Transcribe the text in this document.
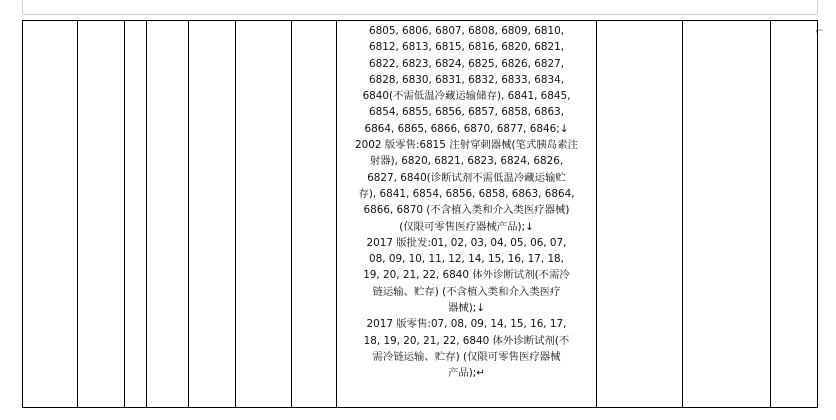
⌐

6805, 6806, 6807, 6808, 6809, 6810,
6812, 6813, 6815, 6816, 6820, 6821,
6822, 6823, 6824, 6825, 6826, 6827,
6828, 6830, 6831, 6832, 6833, 6834,
6840(不需低温冷藏运输储存), 6841, 6845,
6854, 6855, 6856, 6857, 6858, 6863,
6864, 6865, 6866, 6870, 6877, 6846;↓
2002 版零售:6815 注射穿刺器械(笔式胰岛素注
射器), 6820, 6821, 6823, 6824, 6826,
6827, 6840(诊断试剂不需低温冷藏运输贮
存), 6841, 6854, 6856, 6858, 6863, 6864,
6866, 6870 (不含植入类和介入类医疗器械)
(仅限可零售医疗器械产品);↓
2017 版批发:01, 02, 03, 04, 05, 06, 07,
08, 09, 10, 11, 12, 14, 15, 16, 17, 18,
19, 20, 21, 22, 6840 体外诊断试剂(不需冷
链运输、贮存) (不含植入类和介入类医疗
器械);↓
2017 版零售:07, 08, 09, 14, 15, 16, 17,
18, 19, 20, 21, 22, 6840 体外诊断试剂(不
需冷链运输、贮存) (仅限可零售医疗器械
产品);↵
